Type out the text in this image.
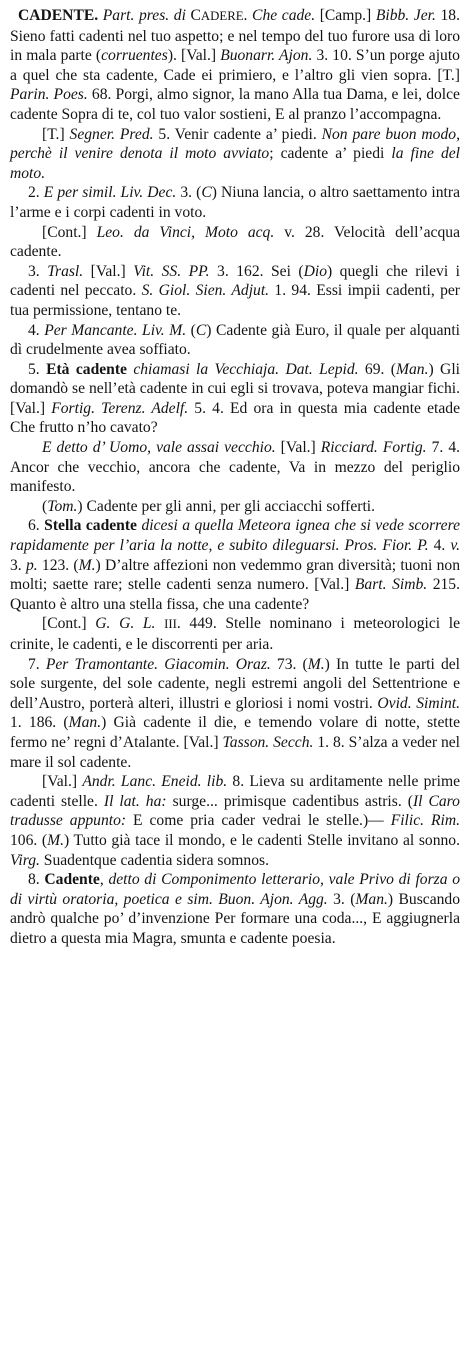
CADENTE. Part. pres. di CADERE. Che cade. [Camp.] Bibb. Jer. 18. Sieno fatti cadenti nel tuo aspetto; e nel tempo del tuo furore usa di loro in mala parte (corruentes). [Val.] Buonarr. Ajon. 3. 10. S’un porge ajuto a quel che sta cadente, Cade ei primiero, e l’altro gli vien sopra. [T.] Parin. Poes. 68. Porgi, almo signor, la mano Alla tua Dama, e lei, dolce cadente Sopra di te, col tuo valor sostieni, E al pranzo l’accompagna.

[T.] Segner. Pred. 5. Venir cadente a’ piedi. Non pare buon modo, perchè il venire denota il moto avviato; cadente a’ piedi la fine del moto.

2. E per simil. Liv. Dec. 3. (C) Niuna lancia, o altro saettamento intra l’arme e i corpi cadenti in voto.

[Cont.] Leo. da Vinci, Moto acq. v. 28. Velocità dell’acqua cadente.

3. Trasl. [Val.] Vit. SS. PP. 3. 162. Sei (Dio) quegli che rilevi i cadenti nel peccato. S. Giol. Sien. Adjut. 1. 94. Essi impii cadenti, per tua permissione, tentano te.

4. Per Mancante. Liv. M. (C) Cadente già Euro, il quale per alquanti dì crudelmente avea soffiato.

5. Età cadente chiamasi la Vecchiaja. Dat. Lepid. 69. (Man.) Gli domandò se nell’età cadente in cui egli si trovava, poteva mangiar fichi. [Val.] Fortig. Terenz. Adelf. 5. 4. Ed ora in questa mia cadente etade Che frutto n’ho cavato?

E detto d’ Uomo, vale assai vecchio. [Val.] Ricciard. Fortig. 7. 4. Ancor che vecchio, ancora che cadente, Va in mezzo del periglio manifesto.

(Tom.) Cadente per gli anni, per gli acciacchi sofferti.

6. Stella cadente dicesi a quella Meteora ignea che si vede scorrere rapidamente per l’aria la notte, e subito dileguarsi. Pros. Fior. P. 4. v. 3. p. 123. (M.) D’altre affezioni non vedemmo gran diversità; tuoni non molti; saette rare; stelle cadenti senza numero. [Val.] Bart. Simb. 215. Quanto è altro una stella fissa, che una cadente?

[Cont.] G. G. L. III. 449. Stelle nominano i meteorologici le crinite, le cadenti, e le discorrenti per aria.

7. Per Tramontante. Giacomin. Oraz. 73. (M.) In tutte le parti del sole surgente, del sole cadente, negli estremi angoli del Settentrione e dell’Austro, porterà alteri, illustri e gloriosi i nomi vostri. Ovid. Simint. 1. 186. (Man.) Già cadente il die, e temendo volare di notte, stette fermo ne’ regni d’Atalante. [Val.] Tasson. Secch. 1. 8. S’alza a veder nel mare il sol cadente.

[Val.] Andr. Lanc. Eneid. lib. 8. Lieva su arditamente nelle prime cadenti stelle. Il lat. ha: surge... primisque cadentibus astris. (Il Caro tradusse appunto: E come pria cader vedrai le stelle.)— Filic. Rim. 106. (M.) Tutto già tace il mondo, e le cadenti Stelle invitano al sonno. Virg. Suadentque cadentia sidera somnos.

8. Cadente, detto di Componimento letterario, vale Privo di forza o di virtù oratoria, poetica e sim. Buon. Ajon. Agg. 3. (Man.) Buscando andrò qualche po’ d’invenzione Per formare una coda..., E aggiugnerla dietro a questa mia Magra, smunta e cadente poesia.
